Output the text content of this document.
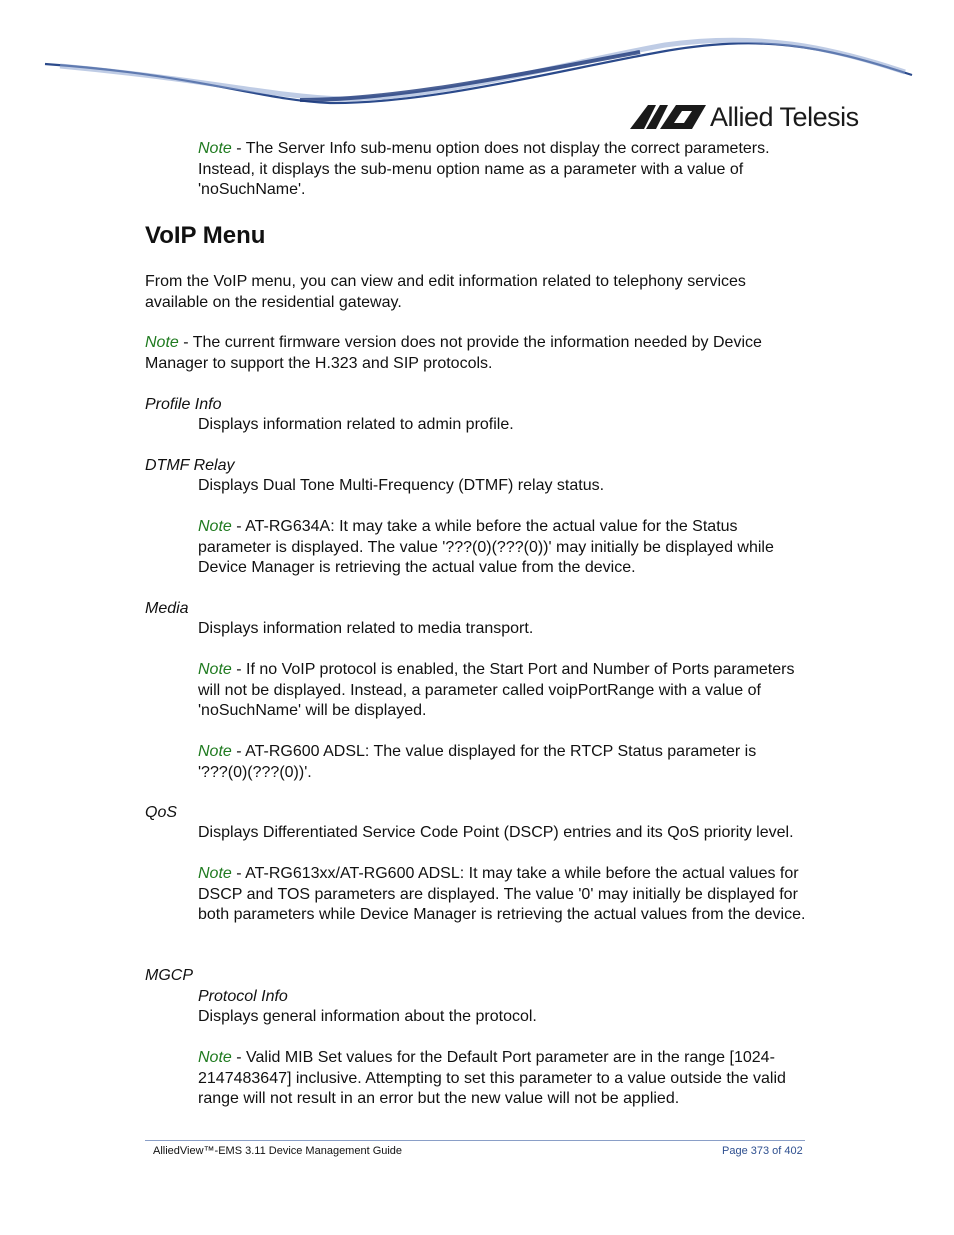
Allied Telesis
Note - The Server Info sub-menu option does not display the correct parameters. Instead, it displays the sub-menu option name as a parameter with a value of 'noSuchName'.
VoIP Menu
From the VoIP menu, you can view and edit information related to telephony services available on the residential gateway.
Note - The current firmware version does not provide the information needed by Device Manager to support the H.323 and SIP protocols.
Profile Info
Displays information related to admin profile.
DTMF Relay
Displays Dual Tone Multi-Frequency (DTMF) relay status.
Note - AT-RG634A: It may take a while before the actual value for the Status parameter is displayed. The value '???(0)(???(0))' may initially be displayed while Device Manager is retrieving the actual value from the device.
Media
Displays information related to media transport.
Note - If no VoIP protocol is enabled, the Start Port and Number of Ports parameters will not be displayed. Instead, a parameter called voipPortRange with a value of 'noSuchName' will be displayed.
Note - AT-RG600 ADSL: The value displayed for the RTCP Status parameter is '???(0)(???(0))'.
QoS
Displays Differentiated Service Code Point (DSCP) entries and its QoS priority level.
Note - AT-RG613xx/AT-RG600 ADSL: It may take a while before the actual values for DSCP and TOS parameters are displayed. The value '0' may initially be displayed for both parameters while Device Manager is retrieving the actual values from the device.
MGCP
Protocol Info
Displays general information about the protocol.
Note - Valid MIB Set values for the Default Port parameter are in the range [1024-2147483647] inclusive. Attempting to set this parameter to a value outside the valid range will not result in an error but the new value will not be applied.
AlliedView™-EMS 3.11 Device Management Guide	Page 373 of 402
